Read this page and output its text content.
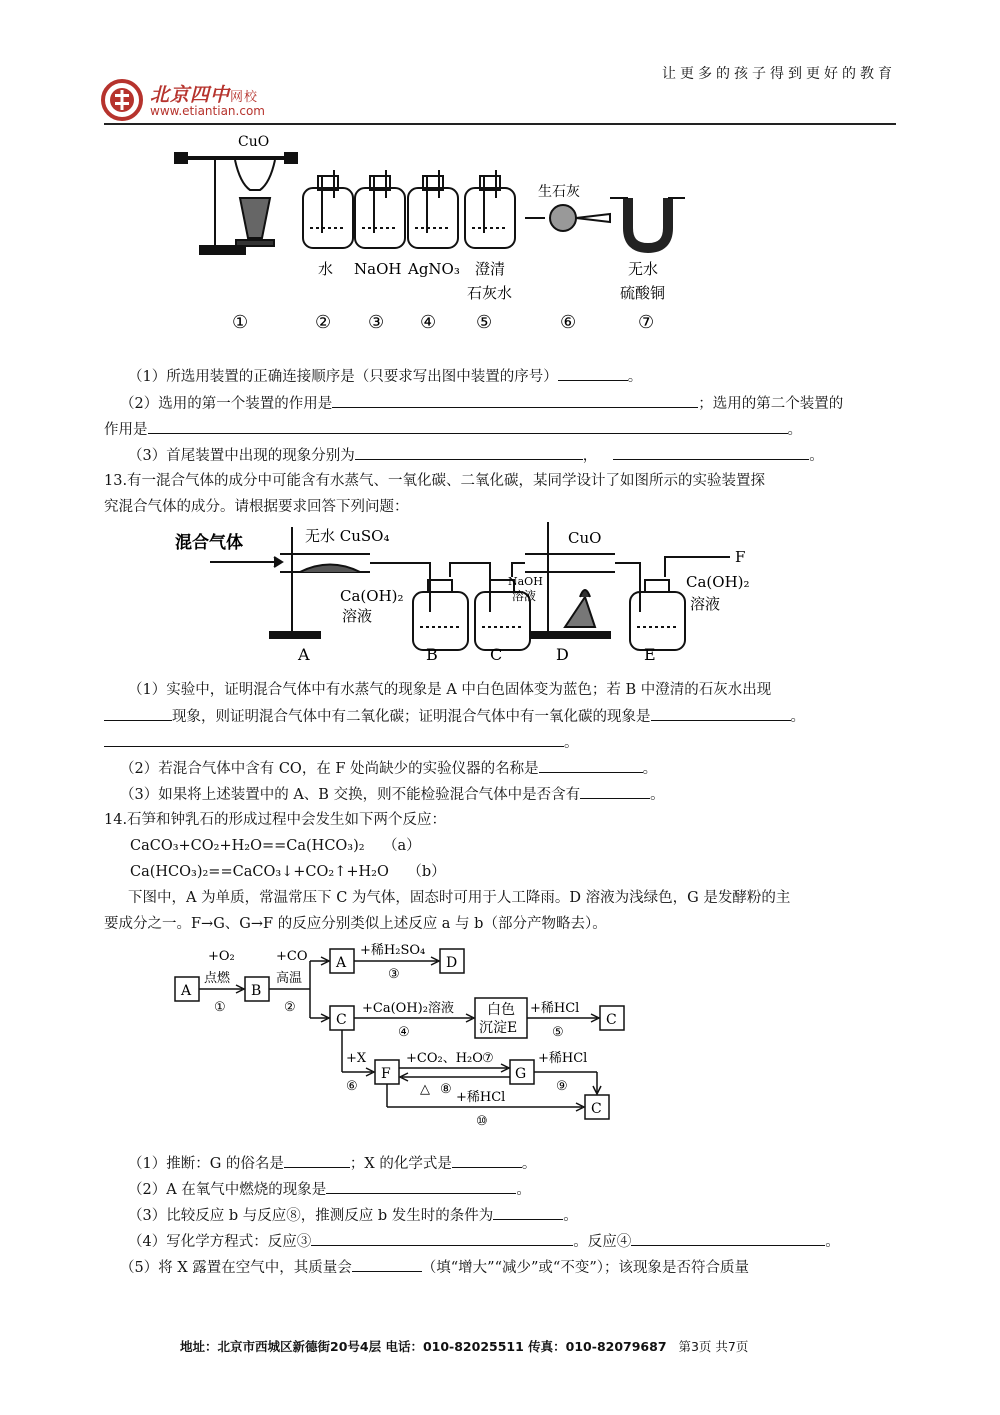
让更多的孩子得到更好的教育
北京四中网校
www.etiantian.com
CuO
水 NaOH AgNO₃ 澄清
石灰水
生石灰
无水
硫酸铜
①	② ③ ④ ⑤	⑥	⑦
（1）所选用装置的正确连接顺序是（只要求写出图中装置的序号）	。
（2）选用的第一个装置的作用是	；选用的第二个装置的
作用是	。
（3）首尾装置中出现的现象分别为	，	。
13.有一混合气体的成分中可能含有水蒸气、一氧化碳、二氧化碳，某同学设计了如图所示的实验装置探
究混合气体的成分。请根据要求回答下列问题：
混合气体	无水 CuSO₄	CuO
F
Ca(OH)₂
溶液
NaOH
溶液
Ca(OH)₂
溶液
A	B	C	D	E
（1）实验中，证明混合气体中有水蒸气的现象是 A 中白色固体变为蓝色；若 B 中澄清的石灰水出现
现象，则证明混合气体中有二氧化碳；证明混合气体中有一氧化碳的现象是	。
。
（2）若混合气体中含有 CO，在 F 处尚缺少的实验仪器的名称是	。
（3）如果将上述装置中的 A、B 交换，则不能检验混合气体中是否含有	。
14.石笋和钟乳石的形成过程中会发生如下两个反应：
CaCO₃+CO₂+H₂O==Ca(HCO₃)₂ （a）
Ca(HCO₃)₂==CaCO₃↓+CO₂↑+H₂O （b）
下图中，A 为单质，常温常压下 C 为气体，固态时可用于人工降雨。D 溶液为浅绿色，G 是发酵粉的主
要成分之一。F→G、G→F 的反应分别类似上述反应 a 与 b（部分产物略去）。
A	B
A	D
C	C
C
F	G
白色
沉淀E
+O₂
点燃
①
+CO
高温
②
+稀H₂SO₄
③
+Ca(OH)₂溶液
④
+稀HCl
⑤
+X
⑥
+CO₂、H₂O ⑦
△ ⑧
+稀HCl
⑨
+稀HCl
⑩
（1）推断：G 的俗名是	；X 的化学式是	。
（2）A 在氧气中燃烧的现象是	。
（3）比较反应 b 与反应⑧，推测反应 b 发生时的条件为	。
（4）写化学方程式：反应③	。反应④	。
（5）将 X 露置在空气中，其质量会	（填“增大”“减少”或“不变”）；该现象是否符合质量
地址：北京市西城区新德街20号4层 电话：010-82025511 传真：010-82079687 第3页 共7页
